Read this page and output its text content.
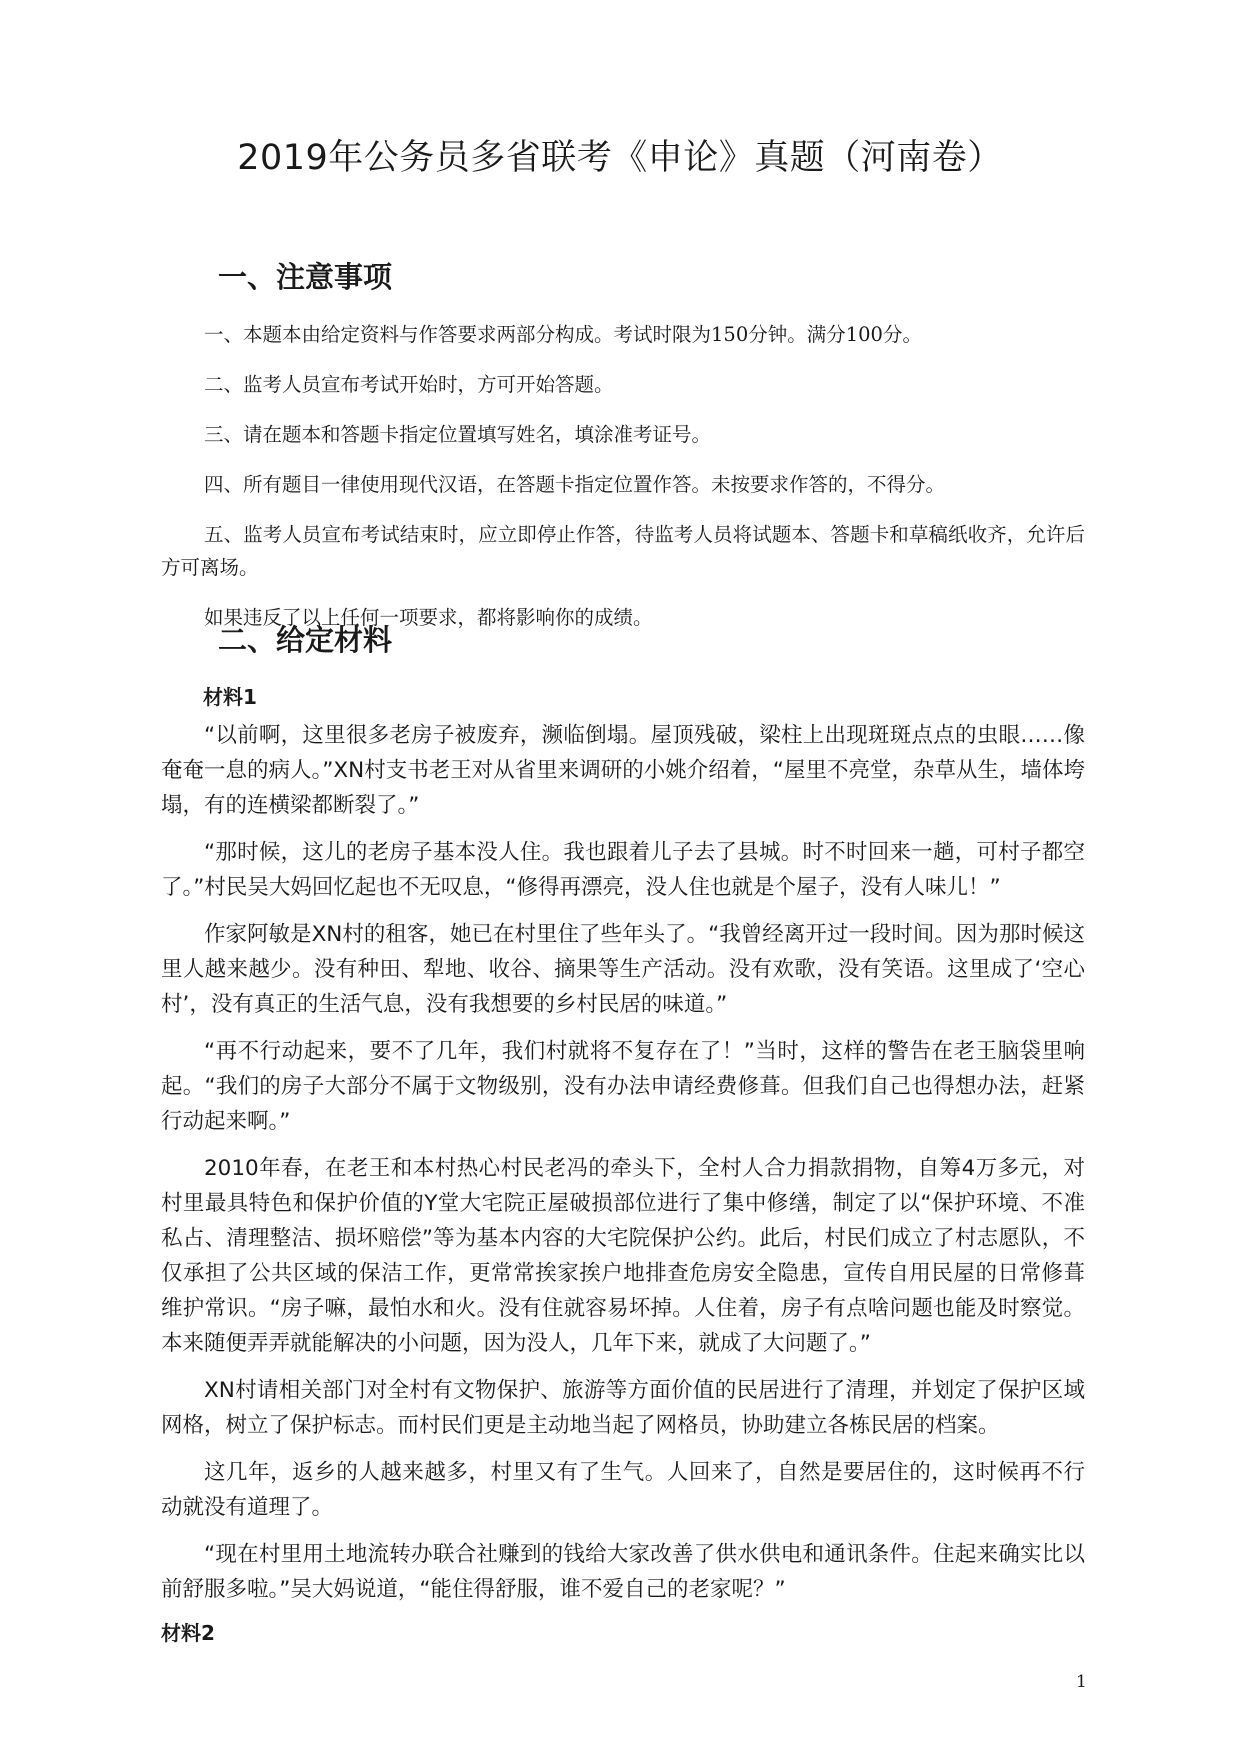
2019年公务员多省联考《申论》真题（河南卷）
一、注意事项

一、本题本由给定资料与作答要求两部分构成。考试时限为150分钟。满分100分。

二、监考人员宣布考试开始时，方可开始答题。

三、请在题本和答题卡指定位置填写姓名，填涂准考证号。

四、所有题目一律使用现代汉语，在答题卡指定位置作答。未按要求作答的，不得分。

五、监考人员宣布考试结束时，应立即停止作答，待监考人员将试题本、答题卡和草稿纸收齐，允许后方可离场。

如果违反了以上任何一项要求，都将影响你的成绩。

二、给定材料
材料1

“以前啊，这里很多老房子被废弃，濒临倒塌。屋顶残破，梁柱上出现斑斑点点的虫眼……像奄奄一息的病人。”XN村支书老王对从省里来调研的小姚介绍着，“屋里不亮堂，杂草从生，墙体垮塌，有的连横梁都断裂了。”

“那时候，这儿的老房子基本没人住。我也跟着儿子去了县城。时不时回来一趟，可村子都空了。”村民吴大妈回忆起也不无叹息，“修得再漂亮，没人住也就是个屋子，没有人味儿！”

作家阿敏是XN村的租客，她已在村里住了些年头了。“我曾经离开过一段时间。因为那时候这里人越来越少。没有种田、犁地、收谷、摘果等生产活动。没有欢歌，没有笑语。这里成了‘空心村’，没有真正的生活气息，没有我想要的乡村民居的味道。”

“再不行动起来，要不了几年，我们村就将不复存在了！”当时，这样的警告在老王脑袋里响起。“我们的房子大部分不属于文物级别，没有办法申请经费修葺。但我们自己也得想办法，赶紧行动起来啊。”

2010年春，在老王和本村热心村民老冯的牵头下，全村人合力捐款捐物，自筹4万多元，对村里最具特色和保护价值的Y堂大宅院正屋破损部位进行了集中修缮，制定了以“保护环境、不准私占、清理整洁、损坏赔偿”等为基本内容的大宅院保护公约。此后，村民们成立了村志愿队，不仅承担了公共区域的保洁工作，更常常挨家挨户地排查危房安全隐患，宣传自用民屋的日常修葺维护常识。“房子嘛，最怕水和火。没有住就容易坏掉。人住着，房子有点啥问题也能及时察觉。本来随便弄弄就能解决的小问题，因为没人，几年下来，就成了大问题了。”

XN村请相关部门对全村有文物保护、旅游等方面价值的民居进行了清理，并划定了保护区域网格，树立了保护标志。而村民们更是主动地当起了网格员，协助建立各栋民居的档案。

这几年，返乡的人越来越多，村里又有了生气。人回来了，自然是要居住的，这时候再不行动就没有道理了。

“现在村里用土地流转办联合社赚到的钱给大家改善了供水供电和通讯条件。住起来确实比以前舒服多啦。”吴大妈说道，“能住得舒服，谁不爱自己的老家呢？”

材料2
1
